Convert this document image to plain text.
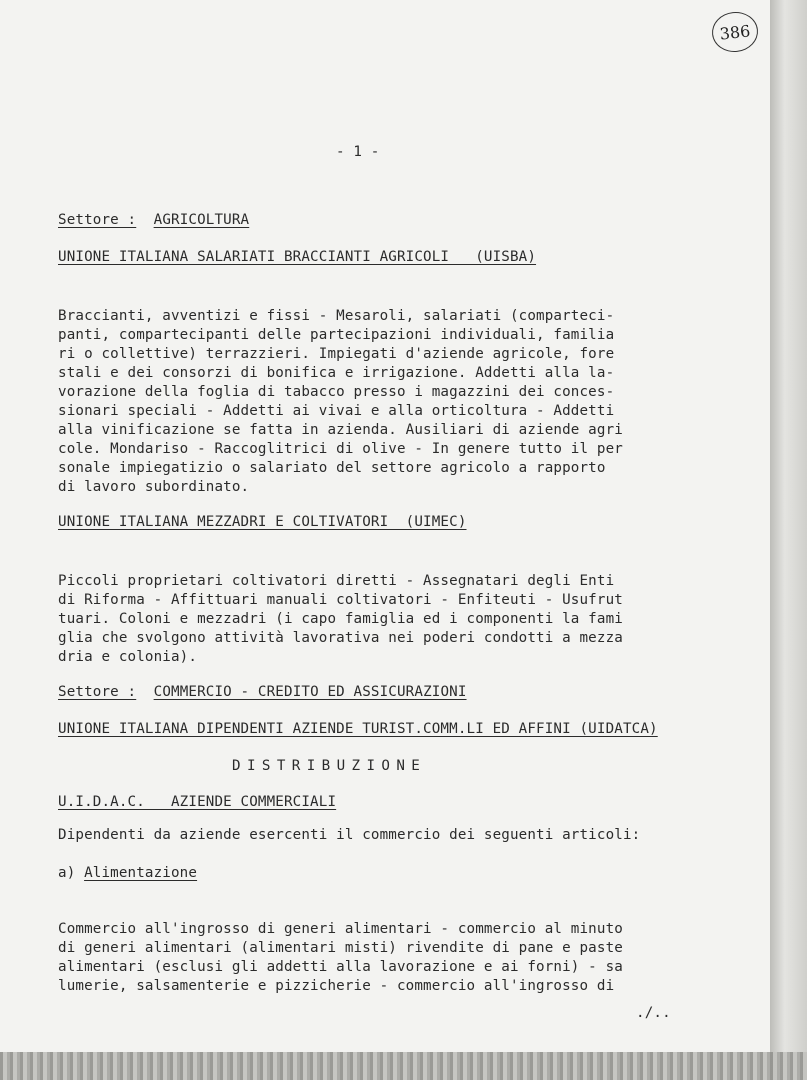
386

- 1 -

Settore : AGRICOLTURA

UNIONE ITALIANA SALARIATI BRACCIANTI AGRICOLI   (UISBA)

Braccianti, avventizi e fissi - Mesaroli, salariati (comparteci-
panti, compartecipanti delle partecipazioni individuali, familia
ri o collettive) terrazzieri. Impiegati d'aziende agricole, fore
stali e dei consorzi di bonifica e irrigazione. Addetti alla la-
vorazione della foglia di tabacco presso i magazzini dei conces-
sionari speciali - Addetti ai vivai e alla orticoltura - Addetti
alla vinificazione se fatta in azienda. Ausiliari di aziende agri
cole. Mondariso - Raccoglitrici di olive - In genere tutto il per
sonale impiegatizio o salariato del settore agricolo a rapporto
di lavoro subordinato.

UNIONE ITALIANA MEZZADRI E COLTIVATORI  (UIMEC)

Piccoli proprietari coltivatori diretti - Assegnatari degli Enti
di Riforma - Affittuari manuali coltivatori - Enfiteuti - Usufrut
tuari. Coloni e mezzadri (i capo famiglia ed i componenti la fami
glia che svolgono attività lavorativa nei poderi condotti a mezza
dria e colonia).

Settore : COMMERCIO - CREDITO ED ASSICURAZIONI

UNIONE ITALIANA DIPENDENTI AZIENDE TURIST.COMM.LI ED AFFINI (UIDATCA)

DISTRIBUZIONE

U.I.D.A.C.   AZIENDE COMMERCIALI

Dipendenti da aziende esercenti il commercio dei seguenti articoli:

a) Alimentazione

Commercio all'ingrosso di generi alimentari - commercio al minuto
di generi alimentari (alimentari misti) rivendite di pane e paste
alimentari (esclusi gli addetti alla lavorazione e ai forni) - sa
lumerie, salsamenterie e pizzicherie - commercio all'ingrosso di

./..
